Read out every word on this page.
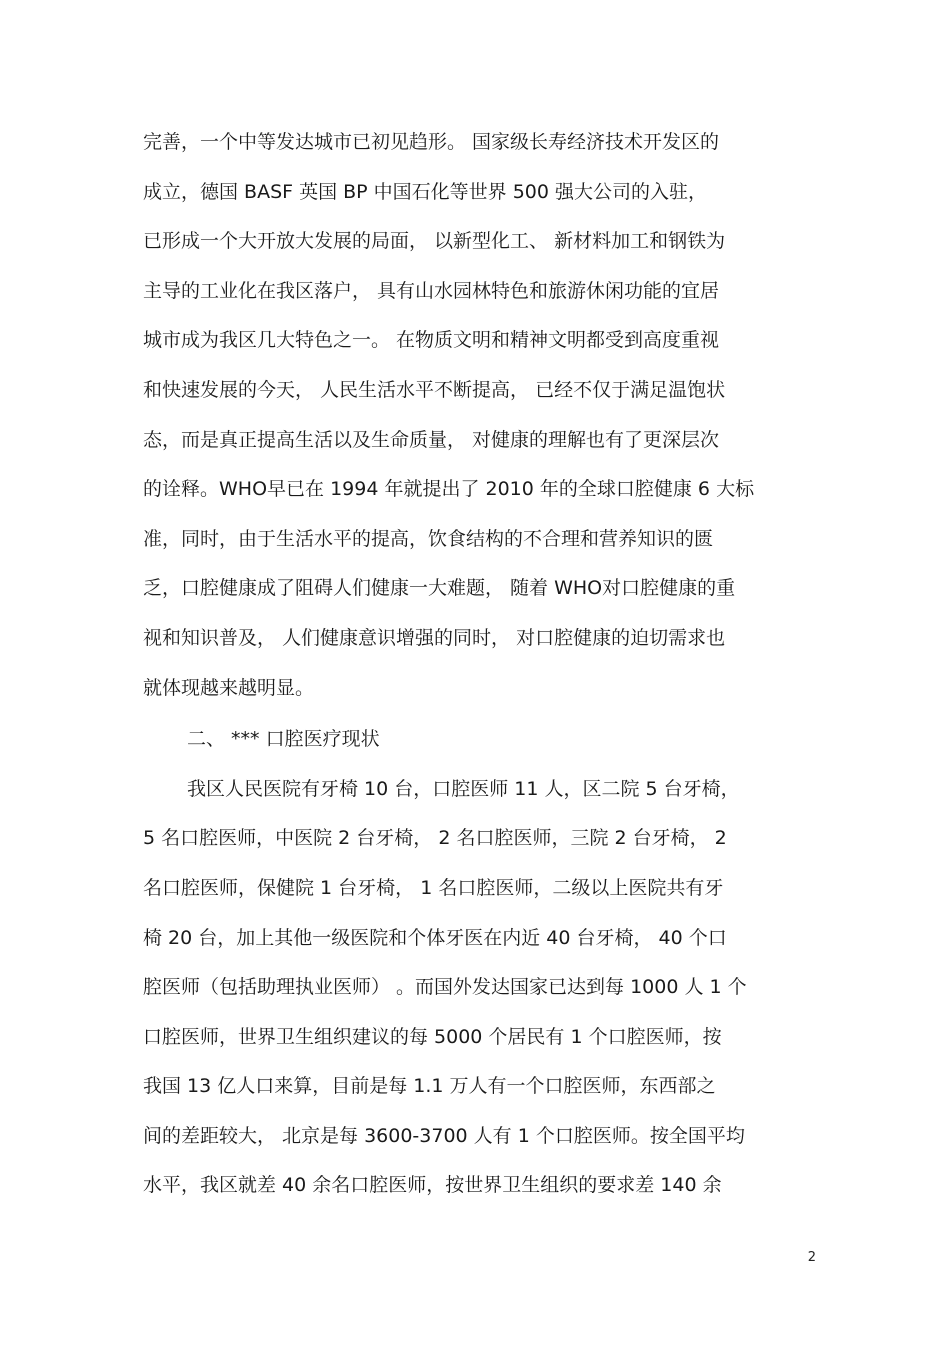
完善，一个中等发达城市已初见趋形。 国家级长寿经济技术开发区的
成立，德国 BASF 英国 BP 中国石化等世界 500 强大公司的入驻，
已形成一个大开放大发展的局面， 以新型化工、 新材料加工和钢铁为
主导的工业化在我区落户， 具有山水园林特色和旅游休闲功能的宜居
城市成为我区几大特色之一。 在物质文明和精神文明都受到高度重视
和快速发展的今天， 人民生活水平不断提高， 已经不仅于满足温饱状
态，而是真正提高生活以及生命质量， 对健康的理解也有了更深层次
的诠释。WHO早已在 1994 年就提出了 2010 年的全球口腔健康 6 大标
准，同时，由于生活水平的提高，饮食结构的不合理和营养知识的匮
乏，口腔健康成了阻碍人们健康一大难题， 随着 WHO对口腔健康的重
视和知识普及， 人们健康意识增强的同时， 对口腔健康的迫切需求也
就体现越来越明显。
二、 *** 口腔医疗现状
我区人民医院有牙椅 10 台，口腔医师 11 人，区二院 5 台牙椅，
5 名口腔医师，中医院 2 台牙椅， 2 名口腔医师，三院 2 台牙椅， 2
名口腔医师，保健院 1 台牙椅， 1 名口腔医师，二级以上医院共有牙
椅 20 台，加上其他一级医院和个体牙医在内近 40 台牙椅， 40 个口
腔医师（包括助理执业医师） 。而国外发达国家已达到每 1000 人 1 个
口腔医师，世界卫生组织建议的每 5000 个居民有 1 个口腔医师，按
我国 13 亿人口来算，目前是每 1.1 万人有一个口腔医师，东西部之
间的差距较大， 北京是每 3600-3700 人有 1 个口腔医师。按全国平均
水平，我区就差 40 余名口腔医师，按世界卫生组织的要求差 140 余
2
